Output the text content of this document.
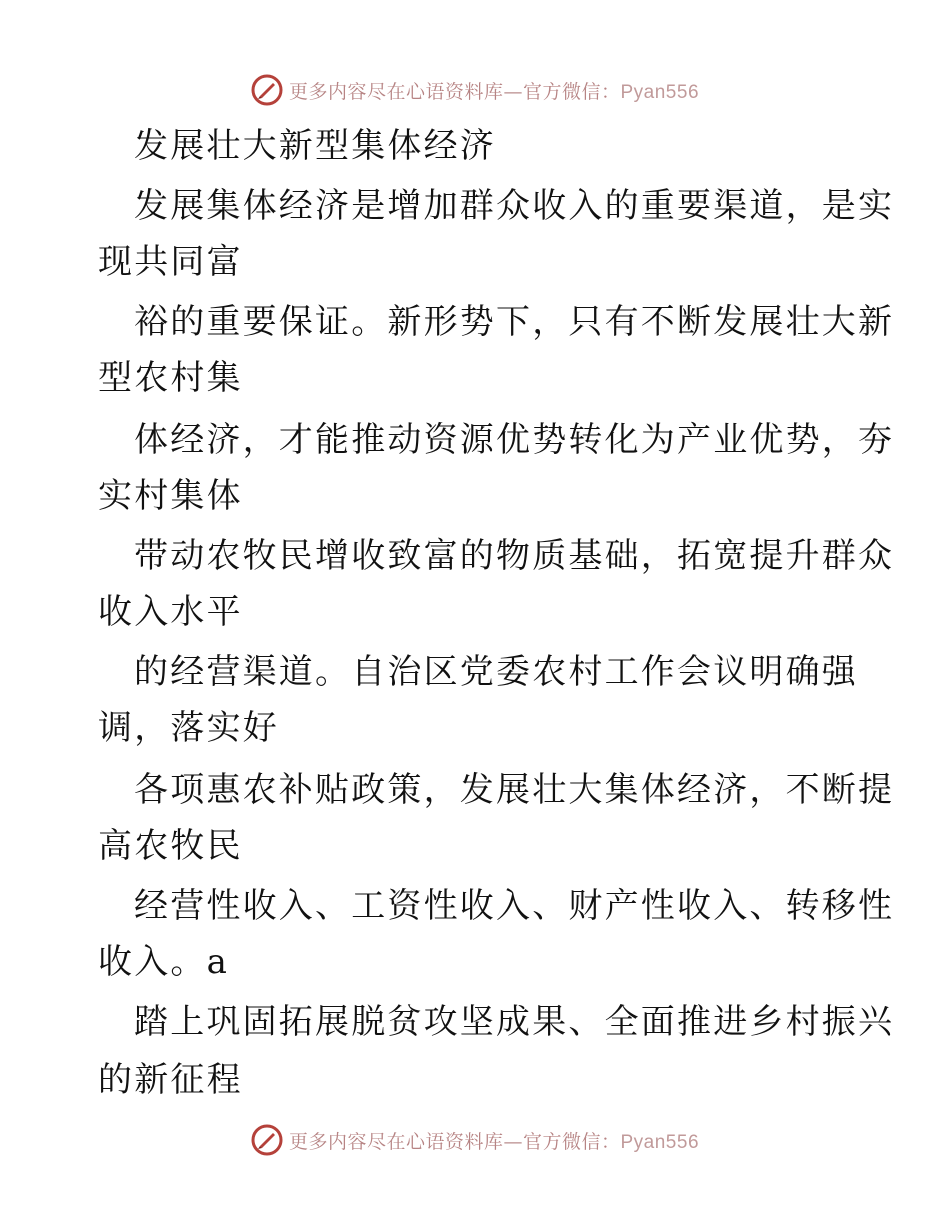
更多内容尽在心语资料库—官方微信：Pyan556
发展壮大新型集体经济
发展集体经济是增加群众收入的重要渠道，是实
现共同富
裕的重要保证。新形势下，只有不断发展壮大新
型农村集
体经济，才能推动资源优势转化为产业优势，夯
实村集体
带动农牧民增收致富的物质基础，拓宽提升群众
收入水平
的经营渠道。自治区党委农村工作会议明确强
调，落实好
各项惠农补贴政策，发展壮大集体经济，不断提
高农牧民
经营性收入、工资性收入、财产性收入、转移性
收入。a
踏上巩固拓展脱贫攻坚成果、全面推进乡村振兴
的新征程
更多内容尽在心语资料库—官方微信：Pyan556
